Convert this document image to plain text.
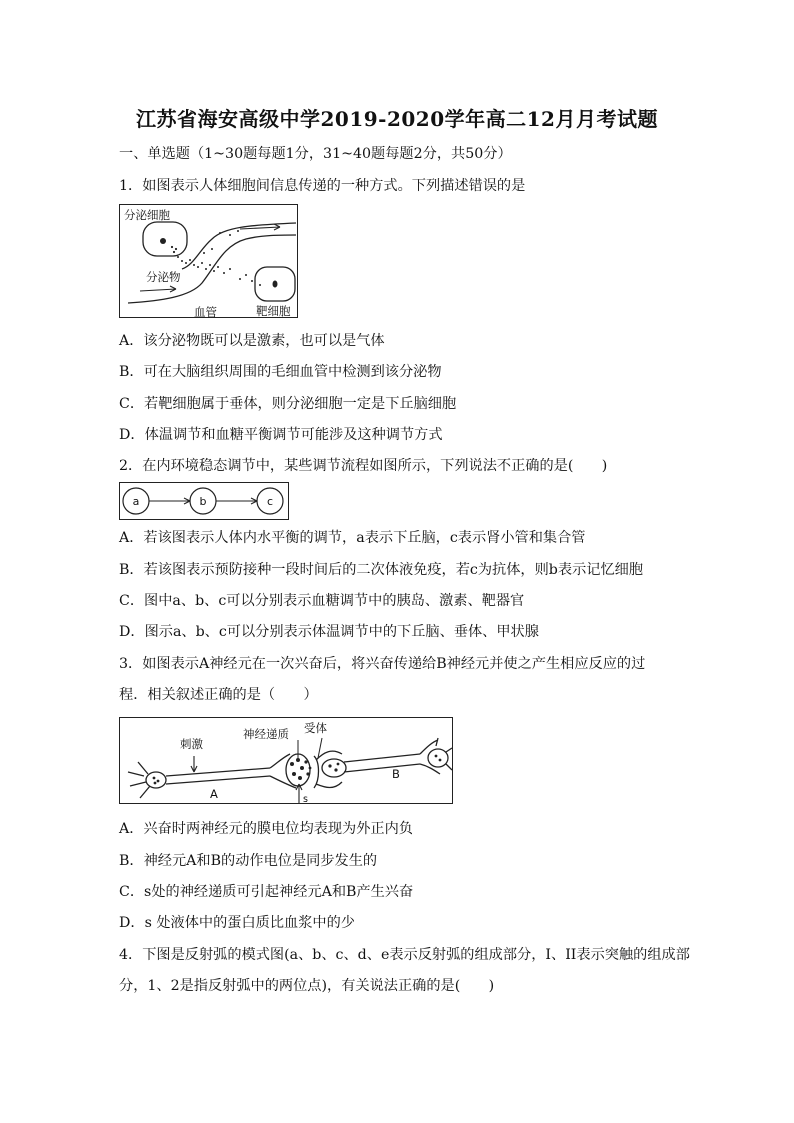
江苏省海安高级中学2019-2020学年高二12月月考试题
一、单选题（1~30题每题1分，31~40题每题2分，共50分）
1．如图表示人体细胞间信息传递的一种方式。下列描述错误的是
分泌细胞
分泌物
靶细胞
血管
A．该分泌物既可以是激素，也可以是气体
B．可在大脑组织周围的毛细血管中检测到该分泌物
C．若靶细胞属于垂体，则分泌细胞一定是下丘脑细胞
D．体温调节和血糖平衡调节可能涉及这种调节方式
2．在内环境稳态调节中，某些调节流程如图所示，下列说法不正确的是(　　)
a	b	c
A．若该图表示人体内水平衡的调节，a表示下丘脑，c表示肾小管和集合管
B．若该图表示预防接种一段时间后的二次体液免疫，若c为抗体，则b表示记忆细胞
C．图中a、b、c可以分别表示血糖调节中的胰岛、激素、靶器官
D．图示a、b、c可以分别表示体温调节中的下丘脑、垂体、甲状腺
3．如图表示A神经元在一次兴奋后，将兴奋传递给B神经元并使之产生相应反应的过
程．相关叙述正确的是（　　）
刺激
神经递质 受体
A
B
s
A．兴奋时两神经元的膜电位均表现为外正内负
B．神经元A和B的动作电位是同步发生的
C．s处的神经递质可引起神经元A和B产生兴奋
D．s 处液体中的蛋白质比血浆中的少
4．下图是反射弧的模式图(a、b、c、d、e表示反射弧的组成部分，I、II表示突触的组成部
分，1、2是指反射弧中的两位点)，有关说法正确的是(　　)
